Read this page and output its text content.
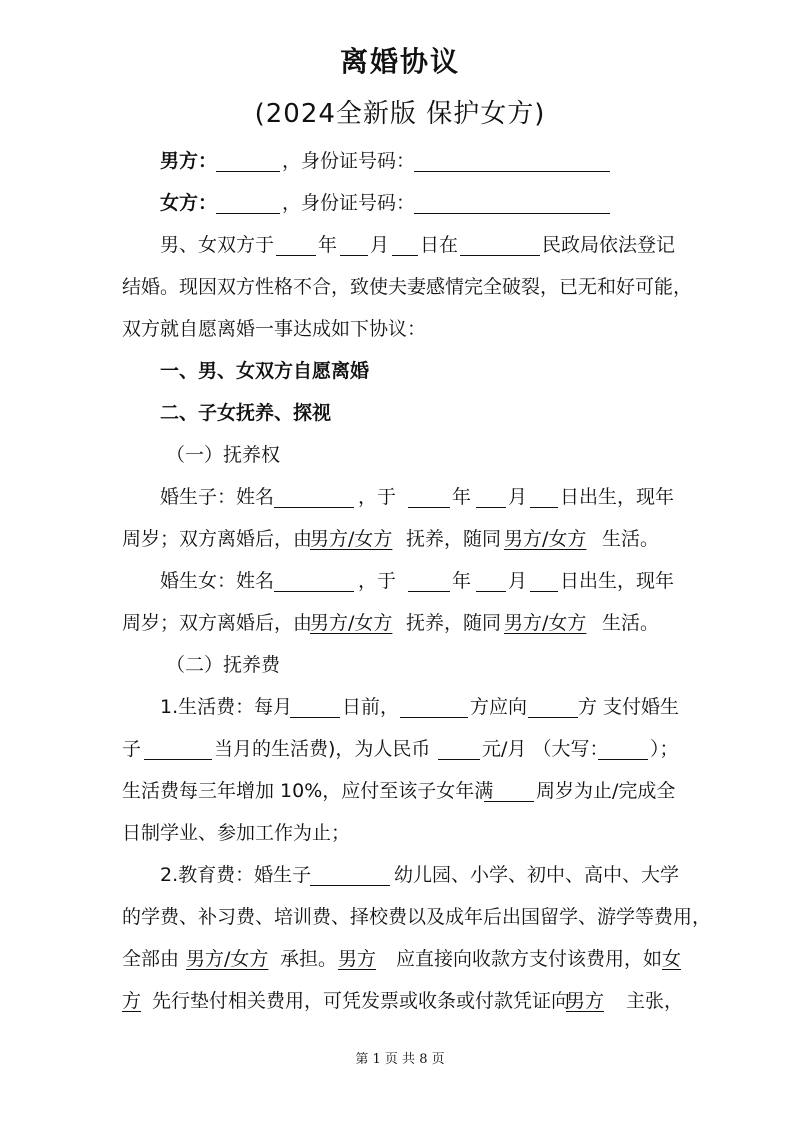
离婚协议
(2024全新版 保护女方)
男方：	，身份证号码：
女方：	，身份证号码：
男、女双方于 年 月 日在	民政局依法登记
结婚。现因双方性格不合，致使夫妻感情完全破裂，已无和好可能，
双方就自愿离婚一事达成如下协议：
一、男、女双方自愿离婚
二、子女抚养、探视
（一）抚养权
婚生子：姓名	，于	年 月 日出生，现年
周岁；双方离婚后，由
男方/女方 抚养，随同 男方/女方 生活。
婚生女：姓名	，于	年 月 日出生，现年
周岁；双方离婚后，由
男方/女方 抚养，随同 男方/女方 生活。
（二）抚养费
1.生活费：每月	日前，	方应向	方 支付婚生
子	当月的生活费)，为人民币	元/月 （大写： ）；
生活费每三年增加 10%，应付至该子女年满 周岁为止/完成全
日制学业、参加工作为止；
2.教育费：婚生子	幼儿园、小学、初中、高中、大学
的学费、补习费、培训费、择校费以及成年后出国留学、游学等费用，
全部由 男方/女方 承担。 男方 应直接向收款方支付该费用，如 女
方 先行垫付相关费用，可凭发票或收条或付款凭证向
男方 主张，
第 1 页 共 8 页
